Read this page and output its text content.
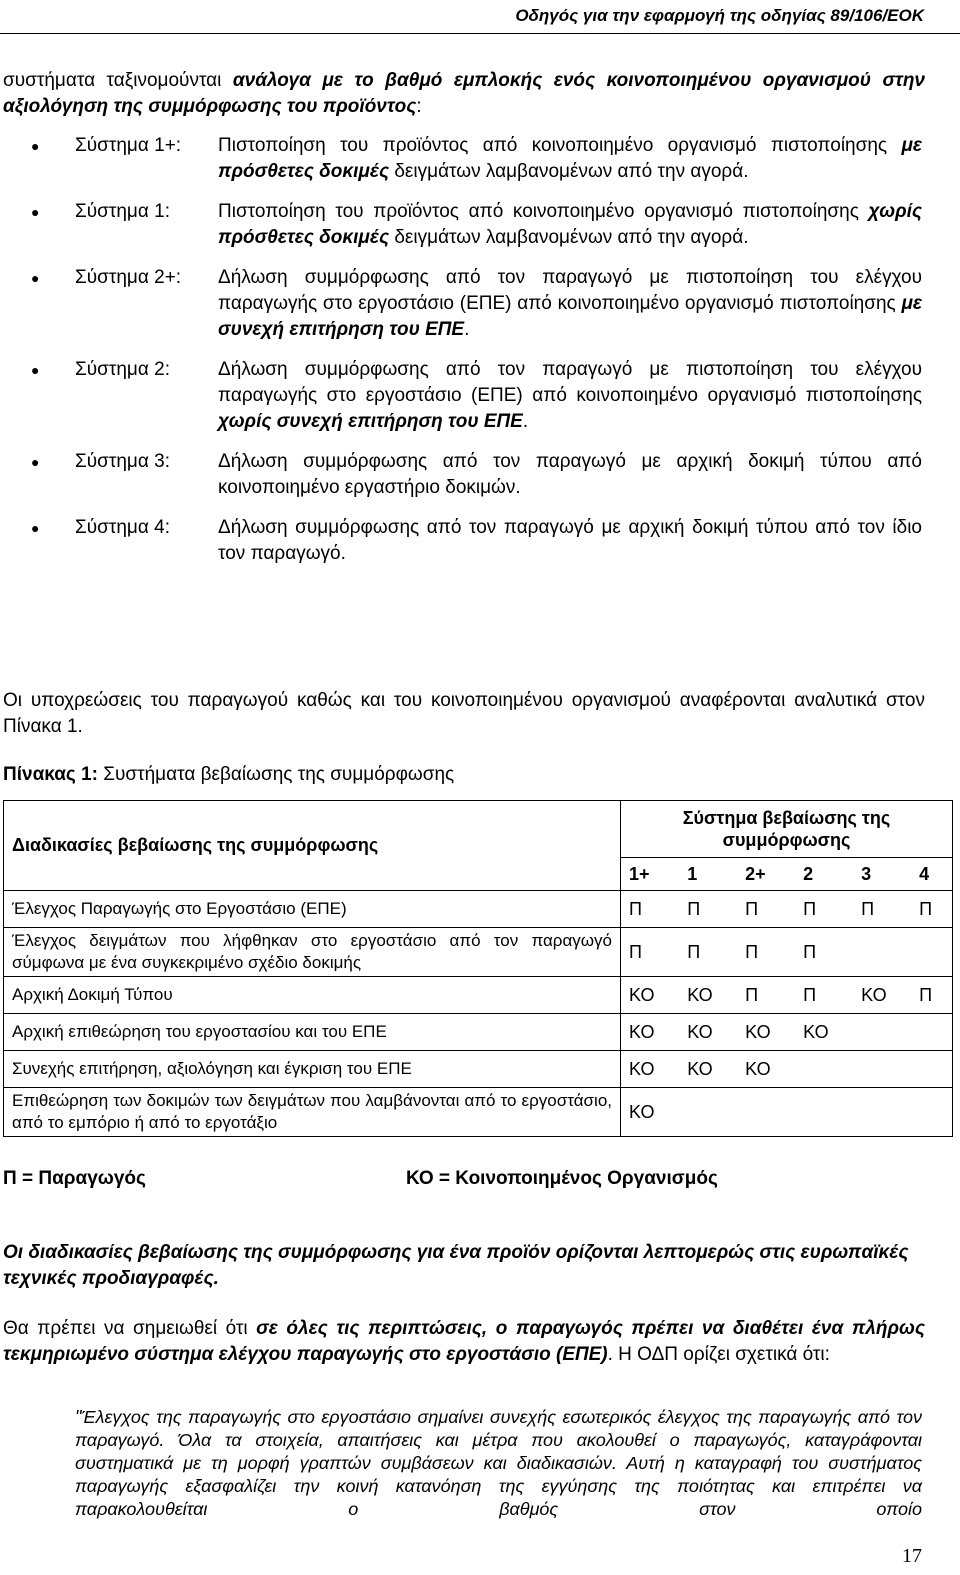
Οδηγός για την εφαρμογή της οδηγίας 89/106/ΕΟΚ
συστήματα ταξινομούνται ανάλογα με το βαθμό εμπλοκής ενός κοινοποιημένου οργανισμού στην αξιολόγηση της συμμόρφωσης του προϊόντος:
● Σύστημα 1+: Πιστοποίηση του προϊόντος από κοινοποιημένο οργανισμό πιστοποίησης με πρόσθετες δοκιμές δειγμάτων λαμβανομένων από την αγορά.
● Σύστημα 1:	Πιστοποίηση του προϊόντος από κοινοποιημένο οργανισμό πιστοποίησης χωρίς πρόσθετες δοκιμές δειγμάτων λαμβανομένων από την αγορά.
● Σύστημα 2+: Δήλωση συμμόρφωσης από τον παραγωγό με πιστοποίηση του ελέγχου παραγωγής στο εργοστάσιο (ΕΠΕ) από κοινοποιημένο οργανισμό πιστοποίησης με συνεχή επιτήρηση του ΕΠΕ.
● Σύστημα 2:	Δήλωση συμμόρφωσης από τον παραγωγό με πιστοποίηση του ελέγχου παραγωγής στο εργοστάσιο (ΕΠΕ) από κοινοποιημένο οργανισμό πιστοποίησης χωρίς συνεχή επιτήρηση του ΕΠΕ.
● Σύστημα 3:	Δήλωση συμμόρφωσης από τον παραγωγό με αρχική δοκιμή τύπου από κοινοποιημένο εργαστήριο δοκιμών.
● Σύστημα 4:	Δήλωση συμμόρφωσης από τον παραγωγό με αρχική δοκιμή τύπου από τον ίδιο τον παραγωγό.
Οι υποχρεώσεις του παραγωγού καθώς και του κοινοποιημένου οργανισμού αναφέρονται αναλυτικά στον Πίνακα 1.
Πίνακας 1: Συστήματα βεβαίωσης της συμμόρφωσης
Διαδικασίες βεβαίωσης της συμμόρφωσης	Σύστημα βεβαίωσης της συμμόρφωσης					
	1+	1	2+	2	3	4
Έλεγχος Παραγωγής στο Εργοστάσιο (ΕΠΕ)	Π	Π	Π	Π	Π	Π
Έλεγχος δειγμάτων που λήφθηκαν στο εργοστάσιο από τον παραγωγό σύμφωνα με ένα συγκεκριμένο σχέδιο δοκιμής	Π	Π	Π	Π		
Αρχική Δοκιμή Τύπου	ΚΟ	ΚΟ	Π	Π	ΚΟ	Π
Αρχική επιθεώρηση του εργοστασίου και του ΕΠΕ	ΚΟ	ΚΟ	ΚΟ	ΚΟ		
Συνεχής επιτήρηση, αξιολόγηση και έγκριση του ΕΠΕ	ΚΟ	ΚΟ	ΚΟ			
Επιθεώρηση των δοκιμών των δειγμάτων που λαμβάνονται από το εργοστάσιο, από το εμπόριο ή από το εργοτάξιο	ΚΟ					
Π = Παραγωγός	ΚΟ = Κοινοποιημένος Οργανισμός
Οι διαδικασίες βεβαίωσης της συμμόρφωσης για ένα προϊόν ορίζονται λεπτομερώς στις ευρωπαϊκές τεχνικές προδιαγραφές.
Θα πρέπει να σημειωθεί ότι σε όλες τις περιπτώσεις, ο παραγωγός πρέπει να διαθέτει ένα πλήρως τεκμηριωμένο σύστημα ελέγχου παραγωγής στο εργοστάσιο (ΕΠΕ). Η ΟΔΠ ορίζει σχετικά ότι:
"Έλεγχος της παραγωγής στο εργοστάσιο σημαίνει συνεχής εσωτερικός έλεγχος της παραγωγής από τον παραγωγό. Όλα τα στοιχεία, απαιτήσεις και μέτρα που ακολουθεί ο παραγωγός, καταγράφονται συστηματικά με τη μορφή γραπτών συμβάσεων και διαδικασιών. Αυτή η καταγραφή του συστήματος παραγωγής εξασφαλίζει την κοινή κατανόηση της εγγύησης της ποιότητας και επιτρέπει να παρακολουθείται ο βαθμός στον οποίο
17
